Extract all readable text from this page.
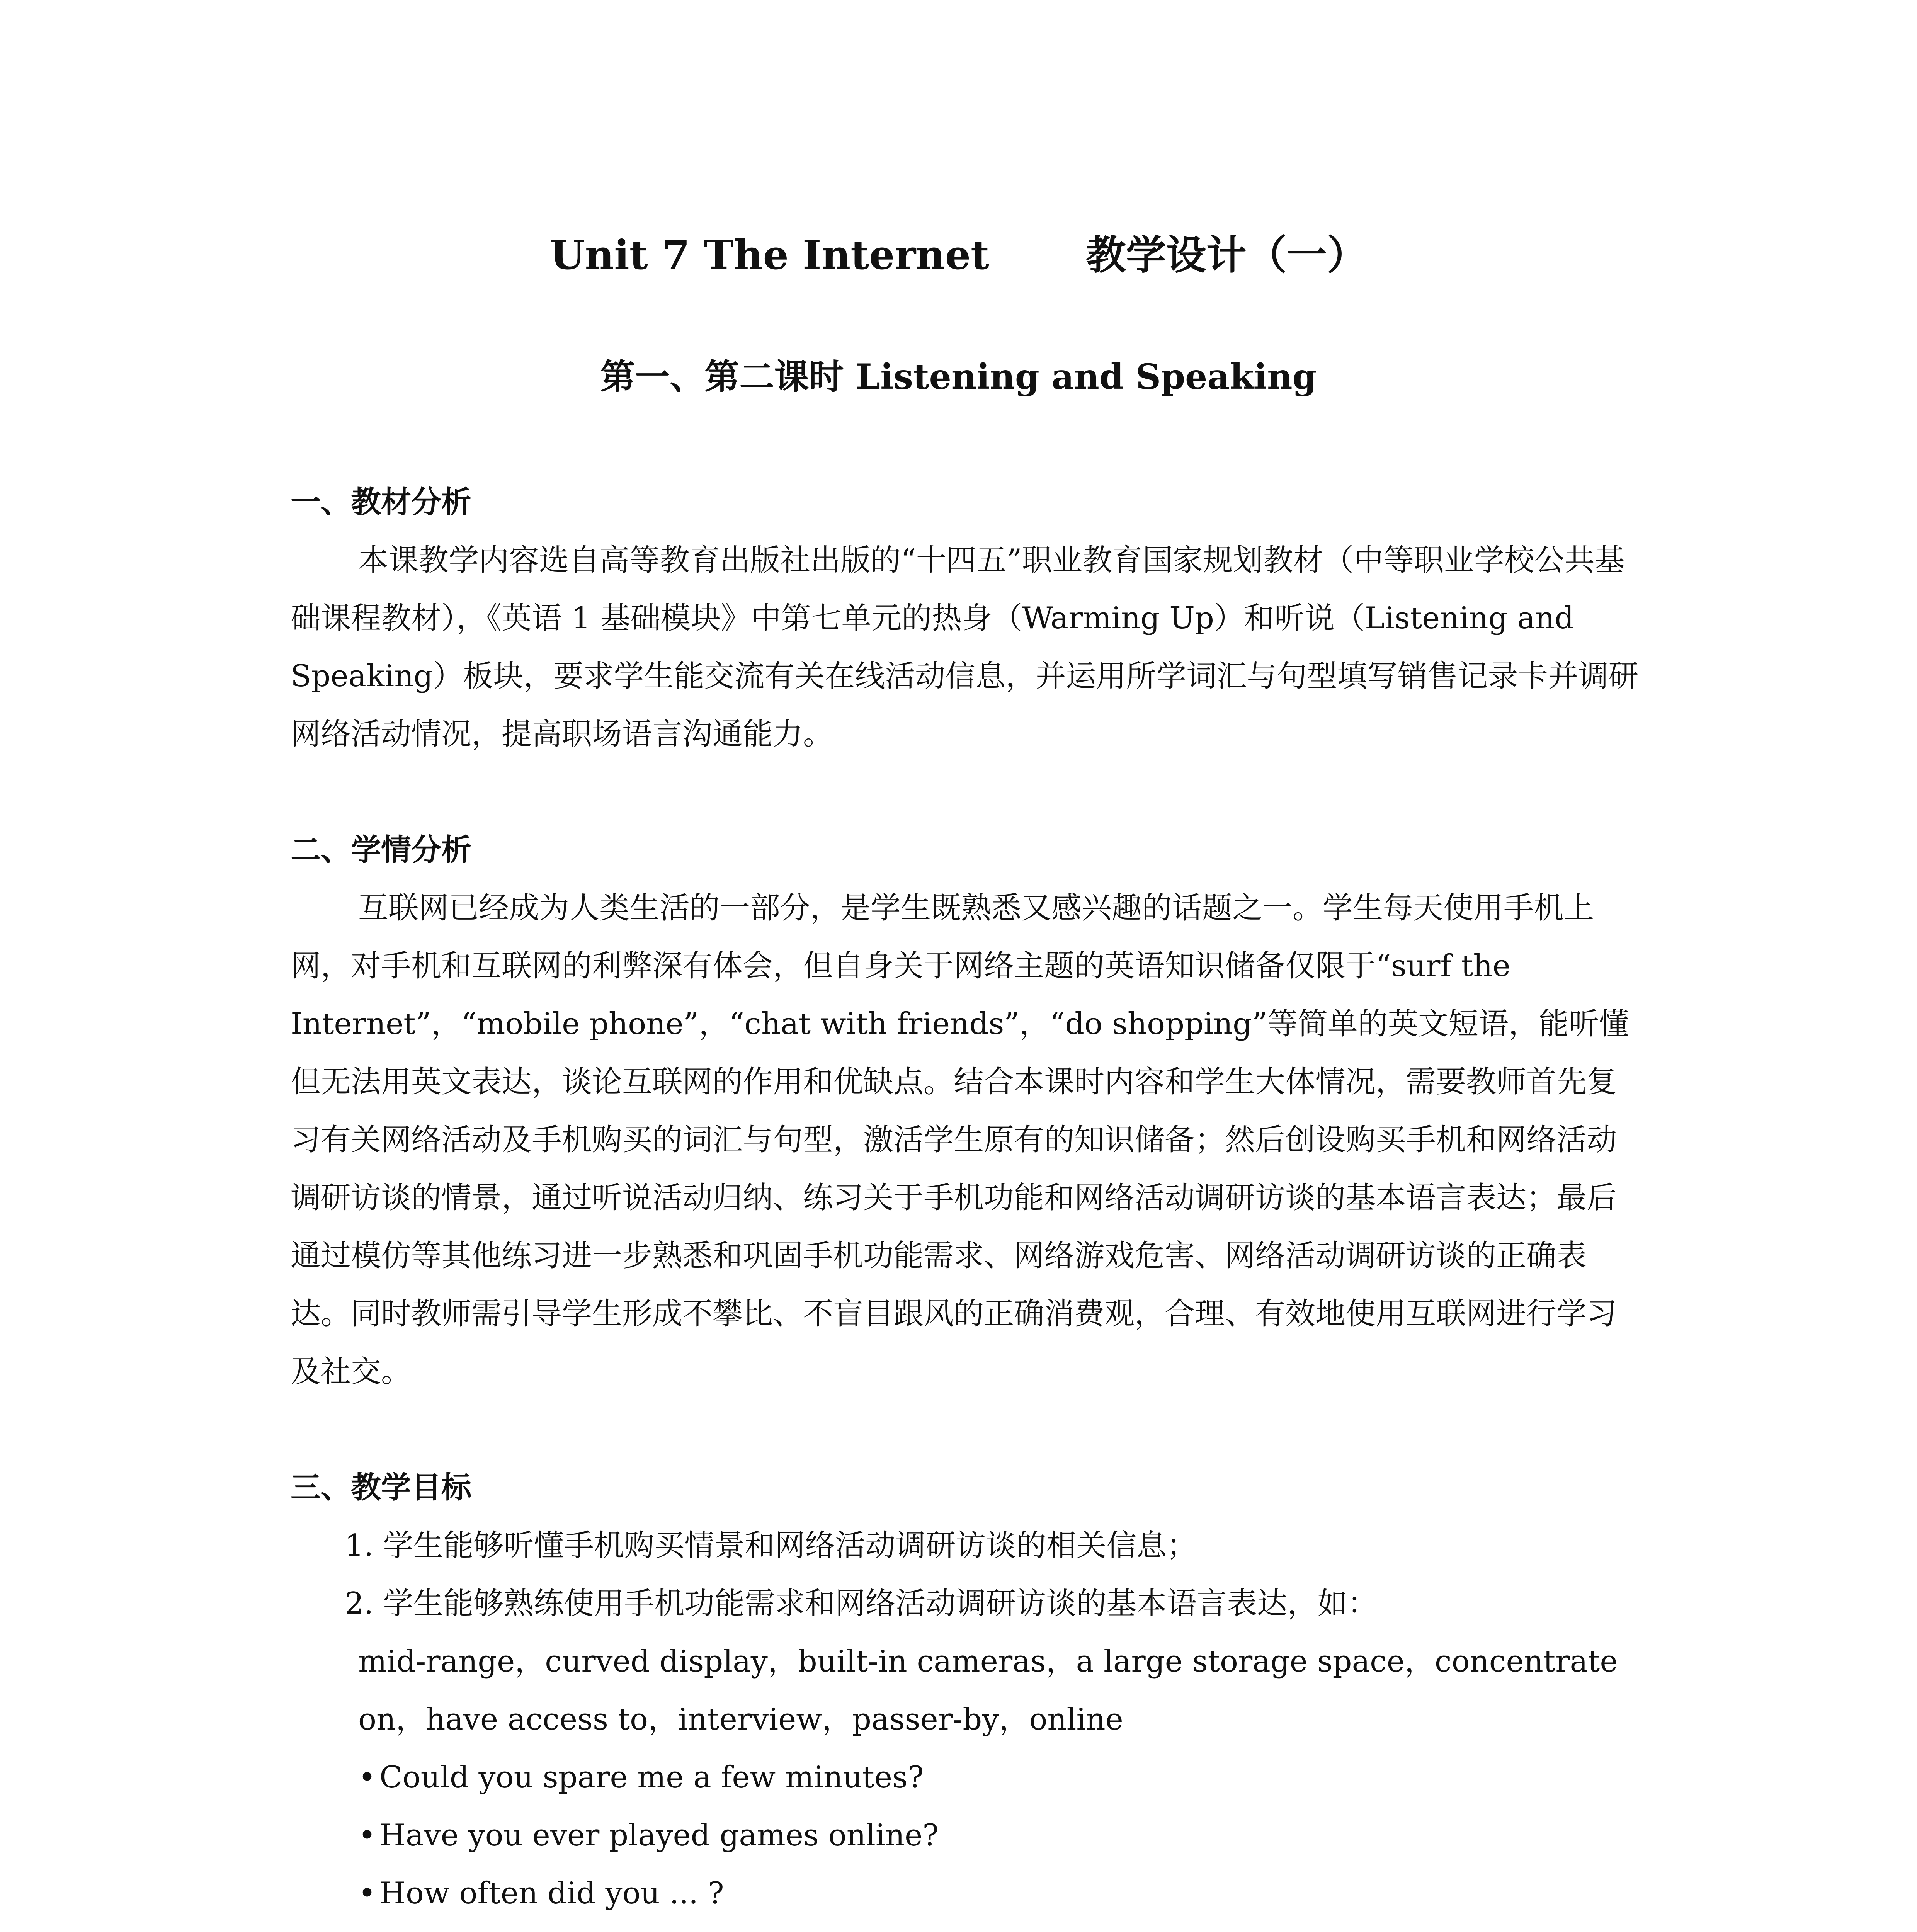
Unit 7 The Internet 教学设计（一）
第一、第二课时 Listening and Speaking

一、教材分析

本课教学内容选自高等教育出版社出版的“十四五”职业教育国家规划教材（中等职业学校公共基础课程教材），《英语 1 基础模块》中第七单元的热身（Warming Up）和听说（Listening and Speaking）板块，要求学生能交流有关在线活动信息，并运用所学词汇与句型填写销售记录卡并调研网络活动情况，提高职场语言沟通能力。

二、学情分析

互联网已经成为人类生活的一部分，是学生既熟悉又感兴趣的话题之一。学生每天使用手机上网，对手机和互联网的利弊深有体会，但自身关于网络主题的英语知识储备仅限于“surf the Internet”，“mobile phone”，“chat with friends”，“do shopping”等简单的英文短语，能听懂但无法用英文表达，谈论互联网的作用和优缺点。结合本课时内容和学生大体情况，需要教师首先复习有关网络活动及手机购买的词汇与句型，激活学生原有的知识储备；然后创设购买手机和网络活动调研访谈的情景，通过听说活动归纳、练习关于手机功能和网络活动调研访谈的基本语言表达；最后通过模仿等其他练习进一步熟悉和巩固手机功能需求、网络游戏危害、网络活动调研访谈的正确表达。同时教师需引导学生形成不攀比、不盲目跟风的正确消费观，合理、有效地使用互联网进行学习及社交。

三、教学目标

1. 学生能够听懂手机购买情景和网络活动调研访谈的相关信息；

2. 学生能够熟练使用手机功能需求和网络活动调研访谈的基本语言表达，如：

mid-range，curved display，built-in cameras，a large storage space，concentrate on，have access to，interview，passer-by，online

• Could you spare me a few minutes?

• Have you ever played games online?

• How often did you ... ?
